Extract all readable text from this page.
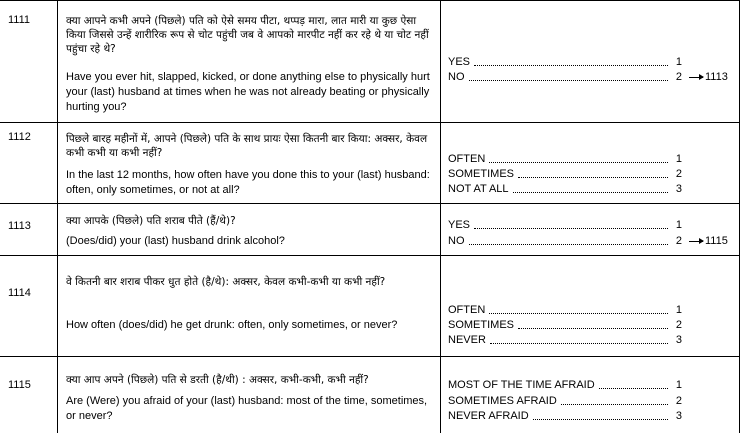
1111	क्या आपने कभी अपने (पिछले) पति को ऐसे समय पीटा, थप्पड़ मारा, लात मारी या कुछ ऐसा किया जिससे उन्हें शारीरिक रूप से चोट पहुंची जब वे आपको मारपीट नहीं कर रहे थे या चोट नहीं पहुंचा रहे थे?
Have you ever hit, slapped, kicked, or done anything else to physically hurt your (last) husband at times when he was not already beating or physically hurting you?
YES	1
NO	2 1113
1112	पिछले बारह महीनों में, आपने (पिछले) पति के साथ प्रायः ऐसा कितनी बार किया: अक्सर, केवल कभी कभी या कभी नहीं?
In the last 12 months, how often have you done this to your (last) husband: often, only sometimes, or not at all?
OFTEN	1
SOMETIMES	2
NOT AT ALL	3
1113	क्या आपके (पिछले) पति शराब पीते (हैं/थे)?
(Does/did) your (last) husband drink alcohol?
YES	1
NO	2 1115
1114
वे कितनी बार शराब पीकर धुत होते (है/थे): अक्सर, केवल कभी-कभी या कभी नहीं?
How often (does/did) he get drunk: often, only sometimes, or never?
OFTEN	1
SOMETIMES	2
NEVER	3
1115	क्या आप अपने (पिछले) पति से डरती (है/थी) : अक्सर, कभी-कभी, कभी नहीं?
Are (Were) you afraid of your (last) husband: most of the time, sometimes, or never?
MOST OF THE TIME AFRAID	1
SOMETIMES AFRAID	2
NEVER AFRAID	3
